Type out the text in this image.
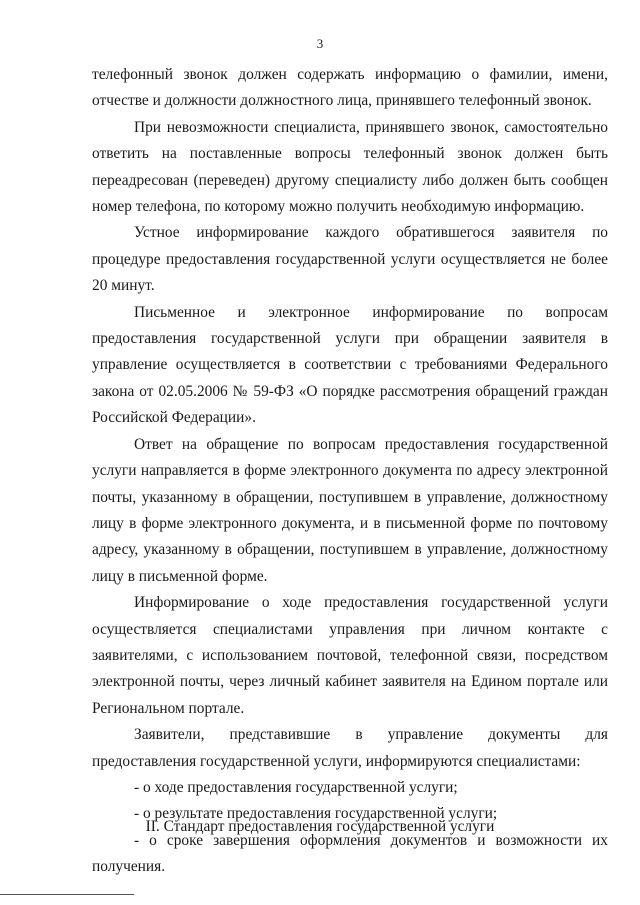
3

телефонный звонок должен содержать информацию о фамилии, имени, отчестве и должности должностного лица, принявшего телефонный звонок.

При невозможности специалиста, принявшего звонок, самостоятельно ответить на поставленные вопросы телефонный звонок должен быть переадресован (переведен) другому специалисту либо должен быть сообщен номер телефона, по которому можно получить необходимую информацию.

Устное информирование каждого обратившегося заявителя по процедуре предоставления государственной услуги осуществляется не более 20 минут.

Письменное и электронное информирование по вопросам предоставления государственной услуги при обращении заявителя в управление осуществляется в соответствии с требованиями Федерального закона от 02.05.2006 № 59-ФЗ «О порядке рассмотрения обращений граждан Российской Федерации».

Ответ на обращение по вопросам предоставления государственной услуги направляется в форме электронного документа по адресу электронной почты, указанному в обращении, поступившем в управление, должностному лицу в форме электронного документа, и в письменной форме по почтовому адресу, указанному в обращении, поступившем в управление, должностному лицу в письменной форме.

Информирование о ходе предоставления государственной услуги осуществляется специалистами управления при личном контакте с заявителями, с использованием почтовой, телефонной связи, посредством электронной почты, через личный кабинет заявителя на Едином портале или Региональном портале.

Заявители, представившие в управление документы для предоставления государственной услуги, информируются специалистами:

- о ходе предоставления государственной услуги;

- о результате предоставления государственной услуги;

- о сроке завершения оформления документов и возможности их получения.

II. Стандарт предоставления государственной услуги
